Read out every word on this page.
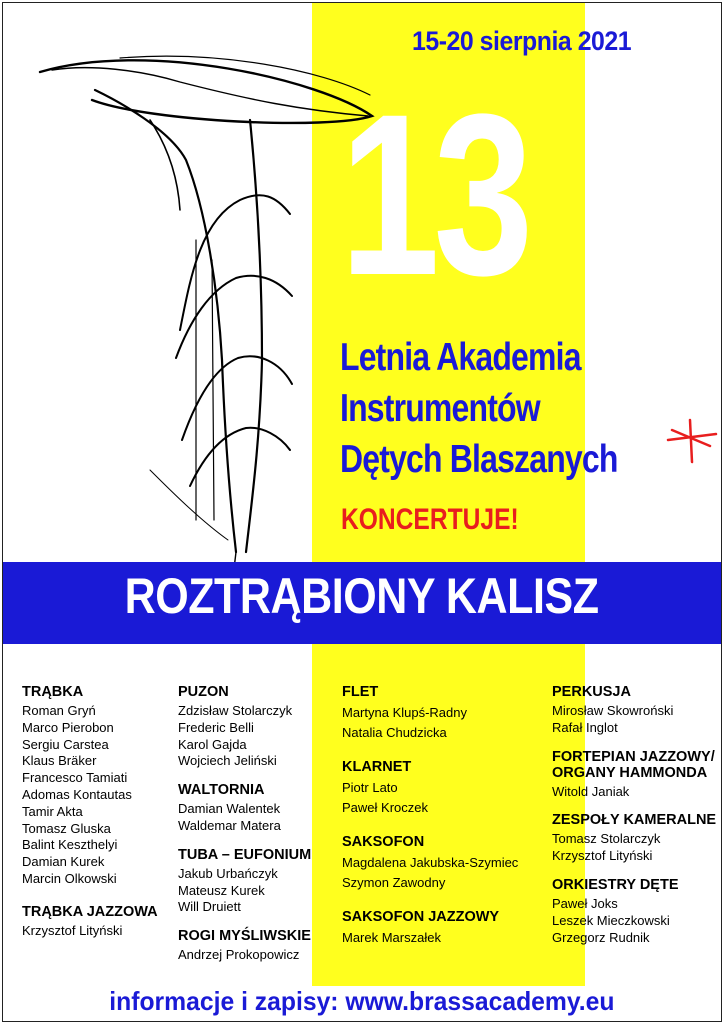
15-20 sierpnia 2021
13
Letnia Akademia
Instrumentów
Dętych Blaszanych
KONCERTUJE!
ROZTRĄBIONY KALISZ
TRĄBKA
Roman Gryń
Marco Pierobon
Sergiu Carstea
Klaus Bräker
Francesco Tamiati
Adomas Kontautas
Tamir Akta
Tomasz Gluska
Balint Keszthelyi
Damian Kurek
Marcin Olkowski
TRĄBKA JAZZOWA
Krzysztof Lityński
PUZON
Zdzisław Stolarczyk
Frederic Belli
Karol Gajda
Wojciech Jeliński
WALTORNIA
Damian Walentek
Waldemar Matera
TUBA – EUFONIUM
Jakub Urbańczyk
Mateusz Kurek
Will Druiett
ROGI MYŚLIWSKIE
Andrzej Prokopowicz
FLET
Martyna Klupś-Radny
Natalia Chudzicka
KLARNET
Piotr Lato
Paweł Kroczek
SAKSOFON
Magdalena Jakubska-Szymiec
Szymon Zawodny
SAKSOFON JAZZOWY
Marek Marszałek
PERKUSJA
Mirosław Skowroński
Rafał Inglot
FORTEPIAN JAZZOWY/
ORGANY HAMMONDA
Witold Janiak
ZESPOŁY KAMERALNE
Tomasz Stolarczyk
Krzysztof Lityński
ORKIESTRY DĘTE
Paweł Joks
Leszek Mieczkowski
Grzegorz Rudnik
informacje i zapisy: www.brassacademy.eu
